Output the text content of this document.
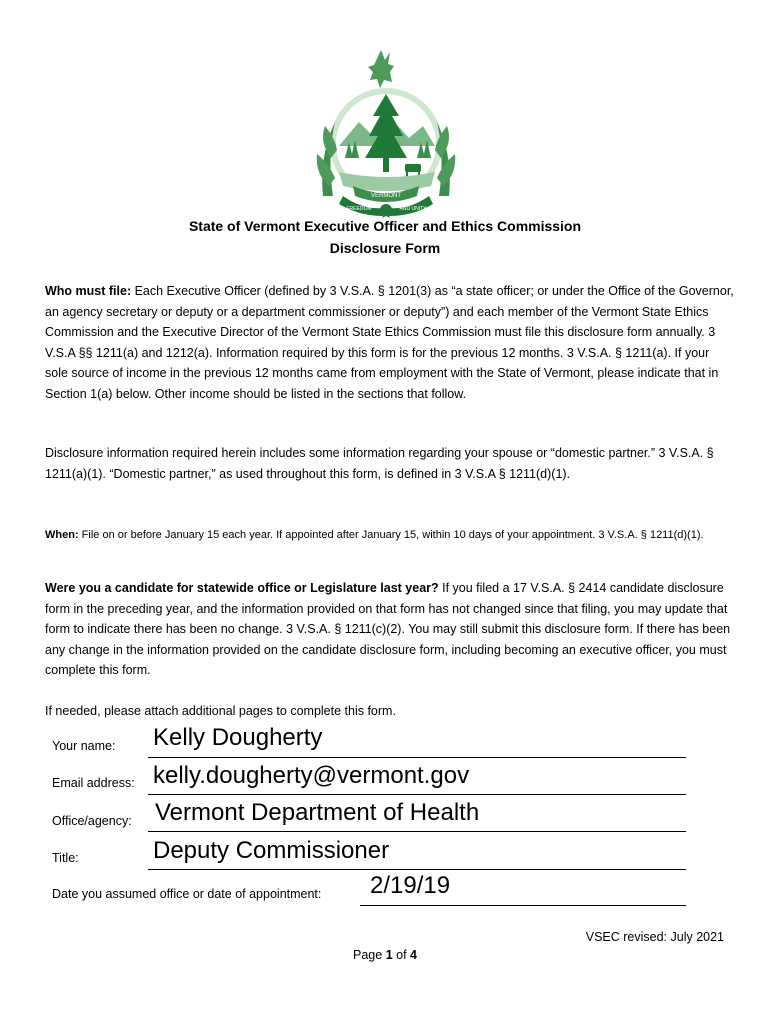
VERMONT
FREEDOM	AND UNITY
State of Vermont Executive Officer and Ethics Commission
Disclosure Form
Who must file: Each Executive Officer (defined by 3 V.S.A. § 1201(3) as “a state officer; or under the Office of the Governor, an agency secretary or deputy or a department commissioner or deputy”) and each member of the Vermont State Ethics Commission and the Executive Director of the Vermont State Ethics Commission must file this disclosure form annually. 3 V.S.A §§ 1211(a) and 1212(a). Information required by this form is for the previous 12 months. 3 V.S.A. § 1211(a). If your sole source of income in the previous 12 months came from employment with the State of Vermont, please indicate that in Section 1(a) below. Other income should be listed in the sections that follow.
Disclosure information required herein includes some information regarding your spouse or “domestic partner.” 3 V.S.A. § 1211(a)(1). “Domestic partner,” as used throughout this form, is defined in 3 V.S.A § 1211(d)(1).
When: File on or before January 15 each year. If appointed after January 15, within 10 days of your appointment. 3 V.S.A. § 1211(d)(1).
Were you a candidate for statewide office or Legislature last year? If you filed a 17 V.S.A. § 2414 candidate disclosure form in the preceding year, and the information provided on that form has not changed since that filing, you may update that form to indicate there has been no change. 3 V.S.A. § 1211(c)(2). You may still submit this disclosure form. If there has been any change in the information provided on the candidate disclosure form, including becoming an executive officer, you must complete this form.
If needed, please attach additional pages to complete this form.
Your name: Kelly Dougherty
Email address: kelly.dougherty@vermont.gov
Office/agency: Vermont Department of Health
Title:	Deputy Commissioner
Date you assumed office or date of appointment: 2/19/19
VSEC revised: July 2021
Page 1 of 4
